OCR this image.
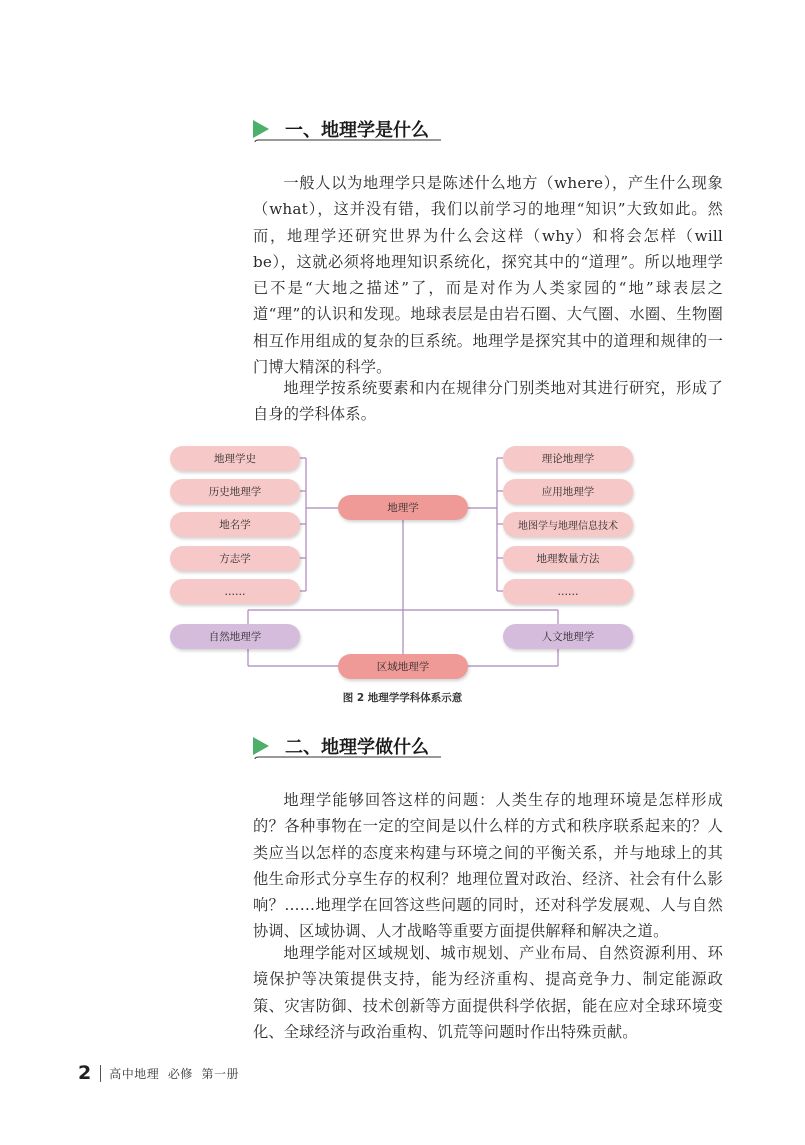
一、地理学是什么

一般人以为地理学只是陈述什么地方（where），产生什么现象（what），这并没有错，我们以前学习的地理“知识”大致如此。然而，地理学还研究世界为什么会这样（why）和将会怎样（will be），这就必须将地理知识系统化，探究其中的“道理”。所以地理学已不是“大地之描述”了，而是对作为人类家园的“地”球表层之道“理”的认识和发现。地球表层是由岩石圈、大气圈、水圈、生物圈相互作用组成的复杂的巨系统。地理学是探究其中的道理和规律的一门博大精深的科学。

地理学按系统要素和内在规律分门别类地对其进行研究，形成了自身的学科体系。

地理学史
历史地理学
地名学
方志学
……
地理学
理论地理学
应用地理学
地图学与地理信息技术
地理数量方法
……
自然地理学	人文地理学
区域地理学
图 2 地理学学科体系示意
二、地理学做什么

地理学能够回答这样的问题：人类生存的地理环境是怎样形成的？各种事物在一定的空间是以什么样的方式和秩序联系起来的？人类应当以怎样的态度来构建与环境之间的平衡关系，并与地球上的其他生命形式分享生存的权利？地理位置对政治、经济、社会有什么影响？……地理学在回答这些问题的同时，还对科学发展观、人与自然协调、区域协调、人才战略等重要方面提供解释和解决之道。

地理学能对区域规划、城市规划、产业布局、自然资源利用、环境保护等决策提供支持，能为经济重构、提高竞争力、制定能源政策、灾害防御、技术创新等方面提供科学依据，能在应对全球环境变化、全球经济与政治重构、饥荒等问题时作出特殊贡献。

2 高中地理  必修  第一册
